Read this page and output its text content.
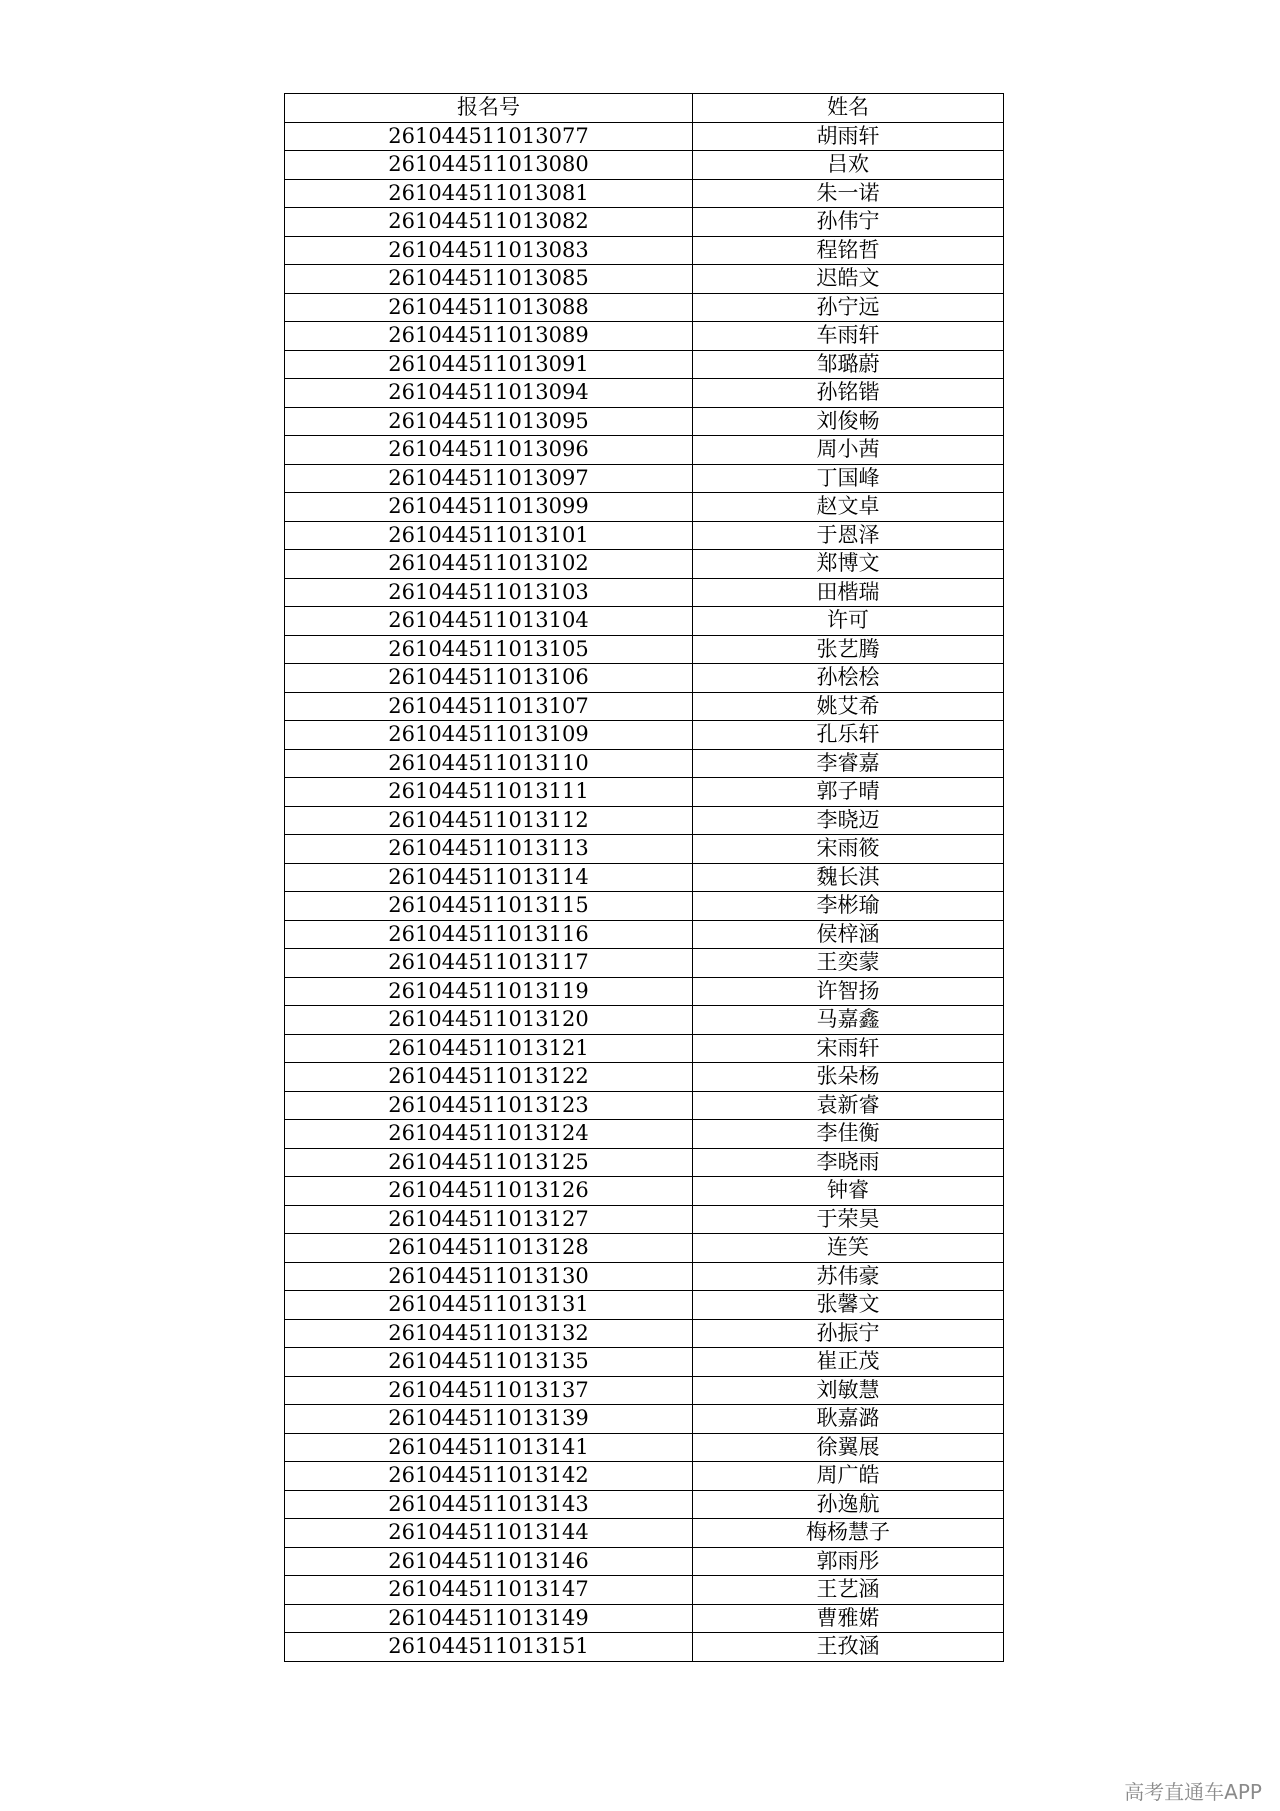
报名号	姓名
261044511013077	胡雨轩
261044511013080	吕欢
261044511013081	朱一诺
261044511013082	孙伟宁
261044511013083	程铭哲
261044511013085	迟皓文
261044511013088	孙宁远
261044511013089	车雨轩
261044511013091	邹璐蔚
261044511013094	孙铭锴
261044511013095	刘俊畅
261044511013096	周小茜
261044511013097	丁国峰
261044511013099	赵文卓
261044511013101	于恩泽
261044511013102	郑博文
261044511013103	田楷瑞
261044511013104	许可
261044511013105	张艺腾
261044511013106	孙桧桧
261044511013107	姚艾希
261044511013109	孔乐轩
261044511013110	李睿嘉
261044511013111	郭子晴
261044511013112	李晓迈
261044511013113	宋雨筱
261044511013114	魏长淇
261044511013115	李彬瑜
261044511013116	侯梓涵
261044511013117	王奕蒙
261044511013119	许智扬
261044511013120	马嘉鑫
261044511013121	宋雨轩
261044511013122	张朵杨
261044511013123	袁新睿
261044511013124	李佳衡
261044511013125	李晓雨
261044511013126	钟睿
261044511013127	于荣昊
261044511013128	连笑
261044511013130	苏伟豪
261044511013131	张馨文
261044511013132	孙振宁
261044511013135	崔正茂
261044511013137	刘敏慧
261044511013139	耿嘉潞
261044511013141	徐翼展
261044511013142	周广皓
261044511013143	孙逸航
261044511013144	梅杨慧子
261044511013146	郭雨彤
261044511013147	王艺涵
261044511013149	曹雅婼
261044511013151	王孜涵
高考直通车APP
